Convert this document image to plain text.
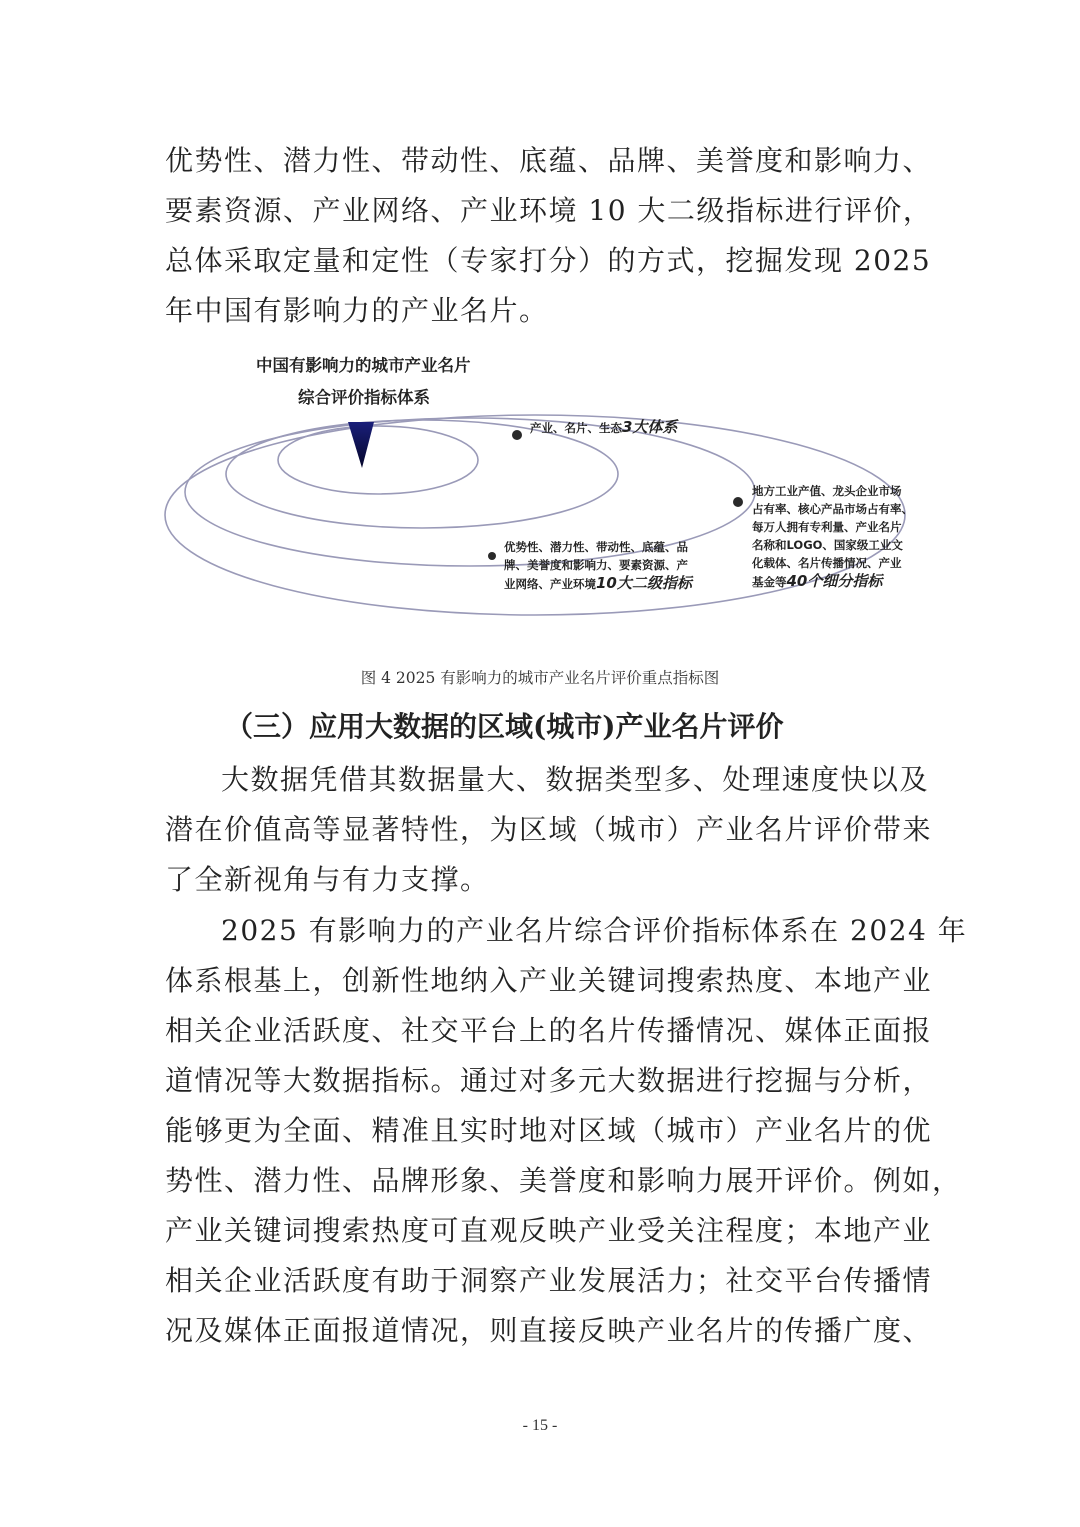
优势性、潜力性、带动性、底蕴、品牌、美誉度和影响力、
要素资源、产业网络、产业环境 10 大二级指标进行评价，
总体采取定量和定性（专家打分）的方式，挖掘发现 2025
年中国有影响力的产业名片。
中国有影响力的城市产业名片
综合评价指标体系
产业、名片、生态3大体系
优势性、潜力性、带动性、底蕴、品
牌、美誉度和影响力、要素资源、产
业网络、产业环境10大二级指标
地方工业产值、龙头企业市场
占有率、核心产品市场占有率、
每万人拥有专利量、产业名片
名称和LOGO、国家级工业文
化载体、名片传播情况、产业
基金等40个细分指标
图 4 2025 有影响力的城市产业名片评价重点指标图
（三）应用大数据的区域(城市)产业名片评价
大数据凭借其数据量大、数据类型多、处理速度快以及
潜在价值高等显著特性，为区域（城市）产业名片评价带来
了全新视角与有力支撑。
2025 有影响力的产业名片综合评价指标体系在 2024 年
体系根基上，创新性地纳入产业关键词搜索热度、本地产业
相关企业活跃度、社交平台上的名片传播情况、媒体正面报
道情况等大数据指标。通过对多元大数据进行挖掘与分析，
能够更为全面、精准且实时地对区域（城市）产业名片的优
势性、潜力性、品牌形象、美誉度和影响力展开评价。例如，
产业关键词搜索热度可直观反映产业受关注程度；本地产业
相关企业活跃度有助于洞察产业发展活力；社交平台传播情
况及媒体正面报道情况，则直接反映产业名片的传播广度、
- 15 -
